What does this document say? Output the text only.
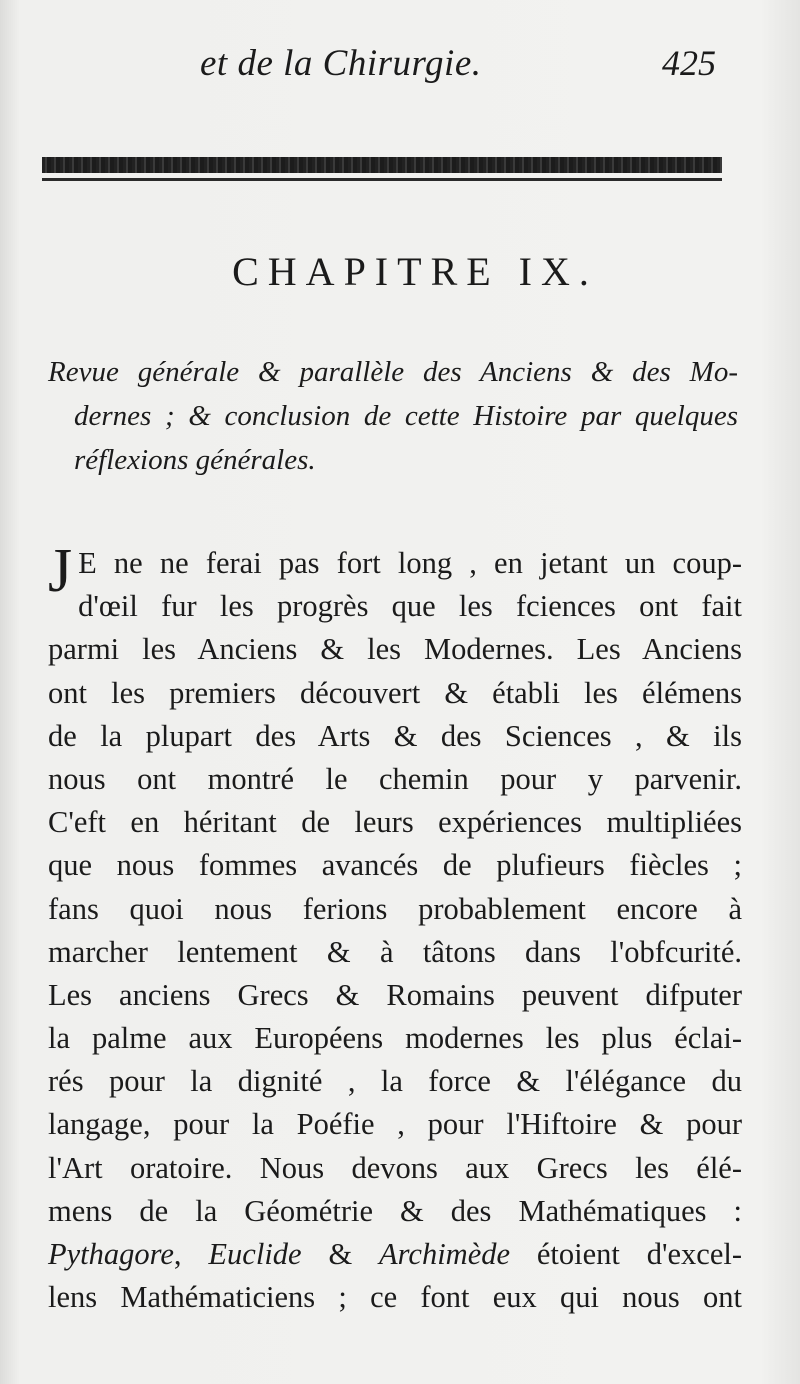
et de la Chirurgie.	425
CHAPITRE IX.
Revue générale & parallèle des Anciens & des Mo-
dernes ; & conclusion de cette Histoire par quelques
réflexions générales.
J E ne ne ferai pas fort long , en jetant un coup-
d'œil fur les progrès que les fciences ont fait
parmi les Anciens & les Modernes. Les Anciens
ont les premiers découvert & établi les élémens
de la plupart des Arts & des Sciences , & ils
nous ont montré le chemin pour y parvenir.
C'eft en héritant de leurs expériences multipliées
que nous fommes avancés de plufieurs fiècles ;
fans quoi nous ferions probablement encore à
marcher lentement & à tâtons dans l'obfcurité.
Les anciens Grecs & Romains peuvent difputer
la palme aux Européens modernes les plus éclai-
rés pour la dignité , la force & l'élégance du
langage, pour la Poéfie , pour l'Hiftoire & pour
l'Art oratoire. Nous devons aux Grecs les élé-
mens de la Géométrie & des Mathématiques :
Pythagore, Euclide & Archimède étoient d'excel-
lens Mathématiciens ; ce font eux qui nous ont
